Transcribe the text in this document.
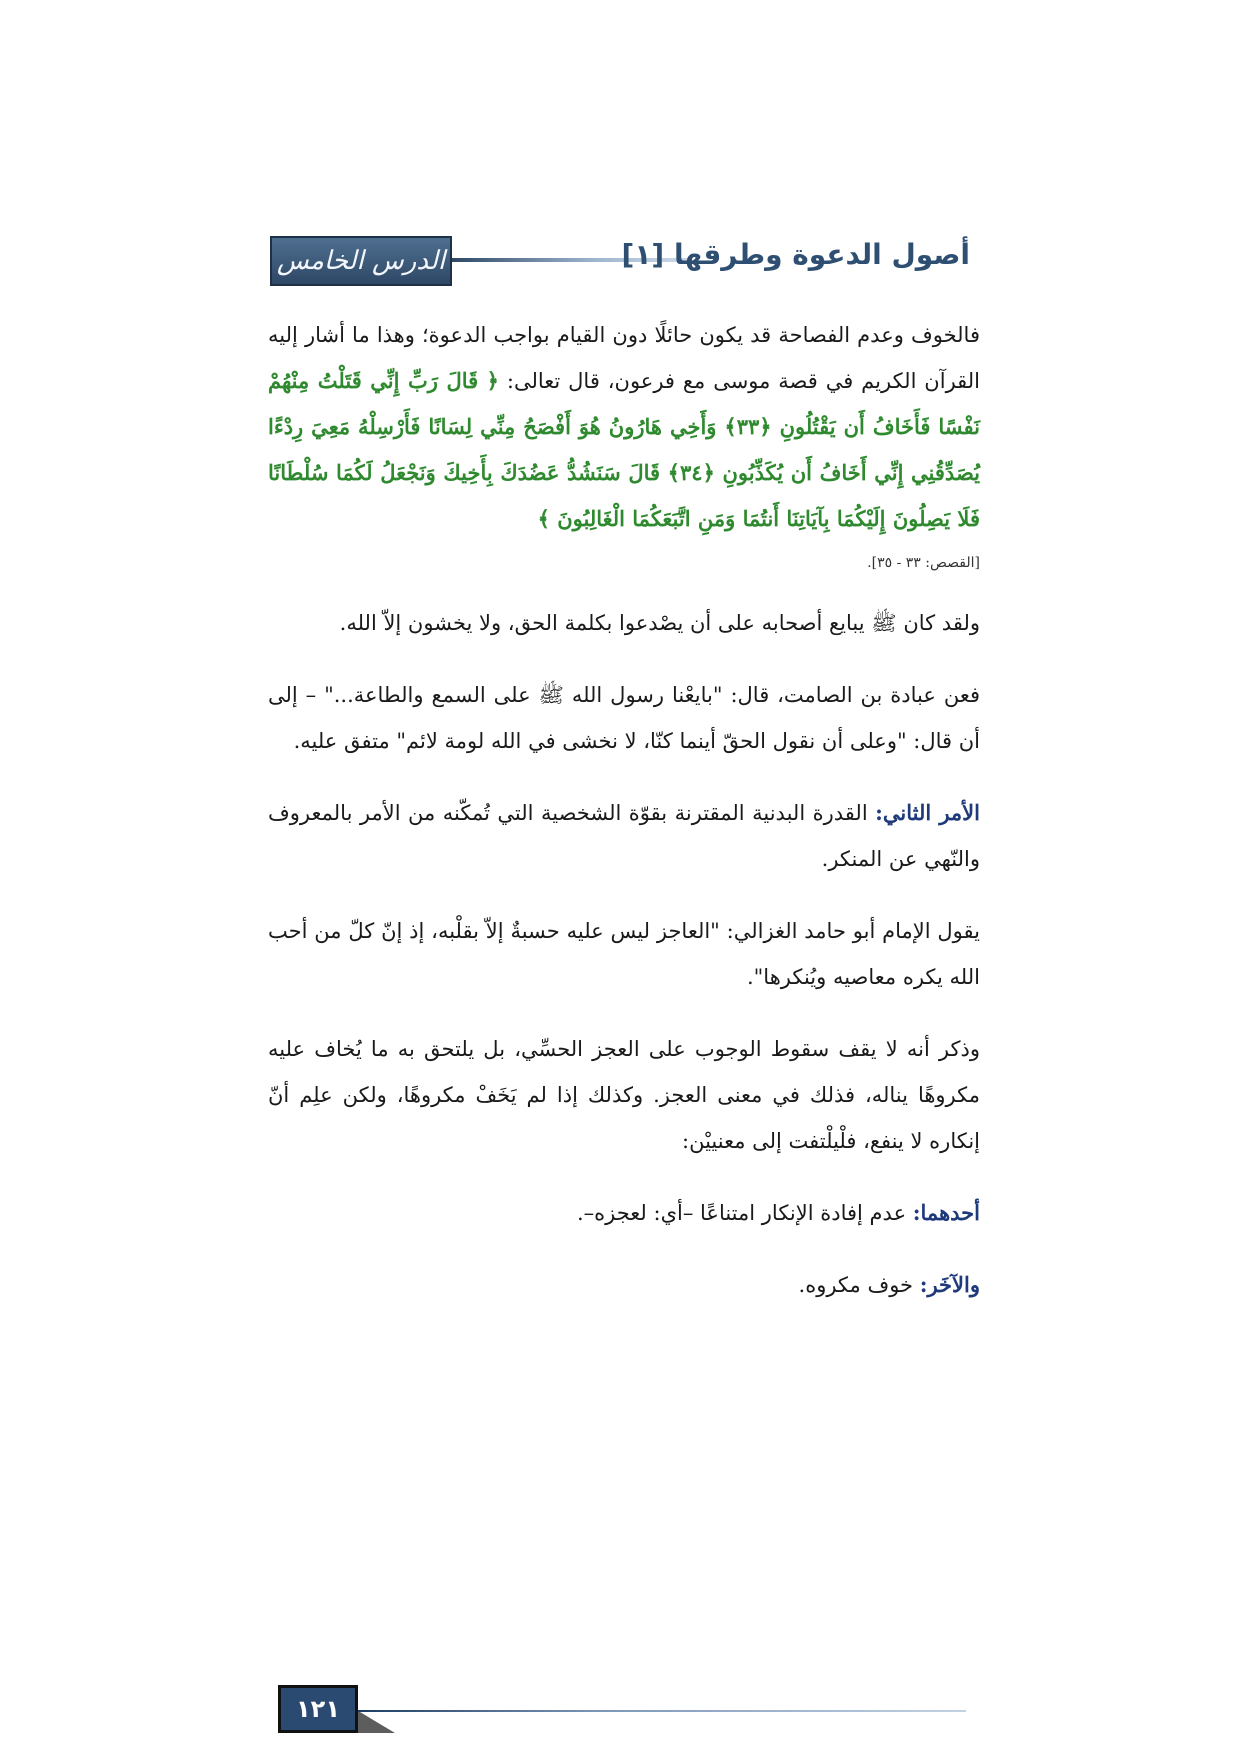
الدرس الخامس	أصول الدعوة وطرقها [١]

فالخوف وعدم الفصاحة قد يكون حائلًا دون القيام بواجب الدعوة؛ وهذا ما أشار إليه القرآن الكريم في قصة موسى مع فرعون، قال تعالى: ﴿ قَالَ رَبِّ إِنِّي قَتَلْتُ مِنْهُمْ نَفْسًا فَأَخَافُ أَن يَقْتُلُونِ ﴿٣٣﴾ وَأَخِي هَارُونُ هُوَ أَفْصَحُ مِنِّي لِسَانًا فَأَرْسِلْهُ مَعِيَ رِدْءًا يُصَدِّقُنِي إِنِّي أَخَافُ أَن يُكَذِّبُونِ ﴿٣٤﴾ قَالَ سَنَشُدُّ عَضُدَكَ بِأَخِيكَ وَنَجْعَلُ لَكُمَا سُلْطَانًا فَلَا يَصِلُونَ إِلَيْكُمَا بِآيَاتِنَا أَنتُمَا وَمَنِ اتَّبَعَكُمَا الْغَالِبُونَ ﴾

[القصص: ٣٣ - ٣٥].

ولقد كان ﷺ يبايع أصحابه على أن يصْدعوا بكلمة الحق، ولا يخشون إلاّ الله.

فعن عبادة بن الصامت، قال: "بايعْنا رسول الله ﷺ على السمع والطاعة..." – إلى أن قال: "وعلى أن نقول الحقّ أينما كنّا، لا نخشى في الله لومة لائم" متفق عليه.

الأمر الثاني: القدرة البدنية المقترنة بقوّة الشخصية التي تُمكّنه من الأمر بالمعروف والنّهي عن المنكر.

يقول الإمام أبو حامد الغزالي: "العاجز ليس عليه حسبةٌ إلاّ بقلْبه، إذ إنّ كلّ من أحب الله يكره معاصيه ويُنكرها".

وذكر أنه لا يقف سقوط الوجوب على العجز الحسِّي، بل يلتحق به ما يُخاف عليه مكروهًا يناله، فذلك في معنى العجز. وكذلك إذا لم يَخَفْ مكروهًا، ولكن علِم أنّ إنكاره لا ينفع، فلْيلْتفت إلى معنييْن:

أحدهما: عدم إفادة الإنكار امتناعًا –أي: لعجزه–.

والآخَر: خوف مكروه.

١٢١
